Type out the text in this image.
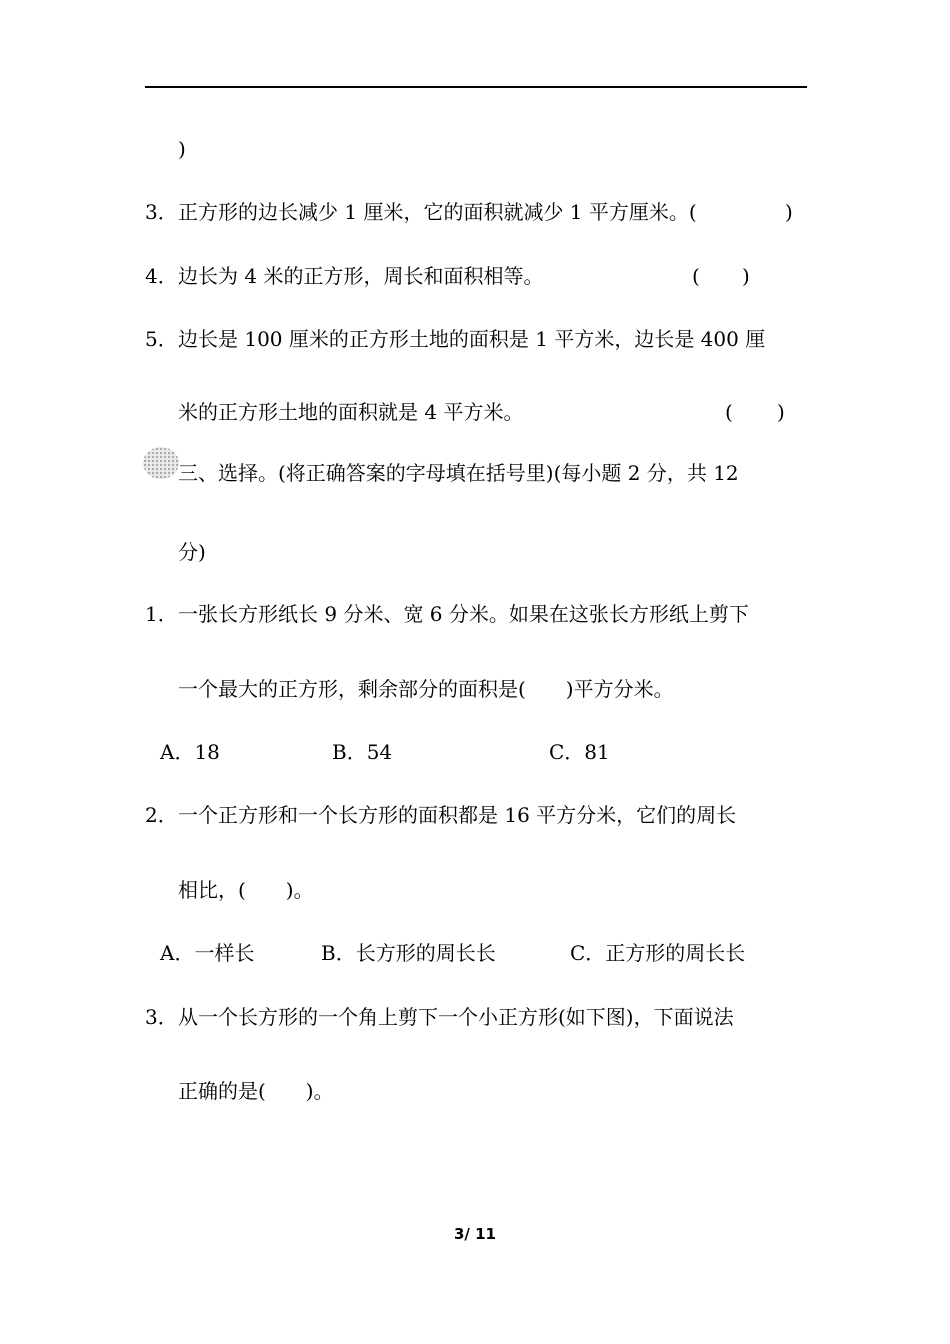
)
3． 正方形的边长减少 1 厘米，它的面积就减少 1 平方厘米。(	)
4． 边长为 4 米的正方形，周长和面积相等。	( )
5． 边长是 100 厘米的正方形土地的面积是 1 平方米，边长是 400 厘
米的正方形土地的面积就是 4 平方米。	( )
三、选择。(将正确答案的字母填在括号里)(每小题 2 分，共 12
分)
1． 一张长方形纸长 9 分米、宽 6 分米。如果在这张长方形纸上剪下
一个最大的正方形，剩余部分的面积是(　　)平方分米。
A．18	B．54	C．81
2． 一个正方形和一个长方形的面积都是 16 平方分米，它们的周长
相比，(　　)。
A．一样长	B．长方形的周长长	C．正方形的周长长
3． 从一个长方形的一个角上剪下一个小正方形(如下图)，下面说法
正确的是(　　)。
3/ 11
